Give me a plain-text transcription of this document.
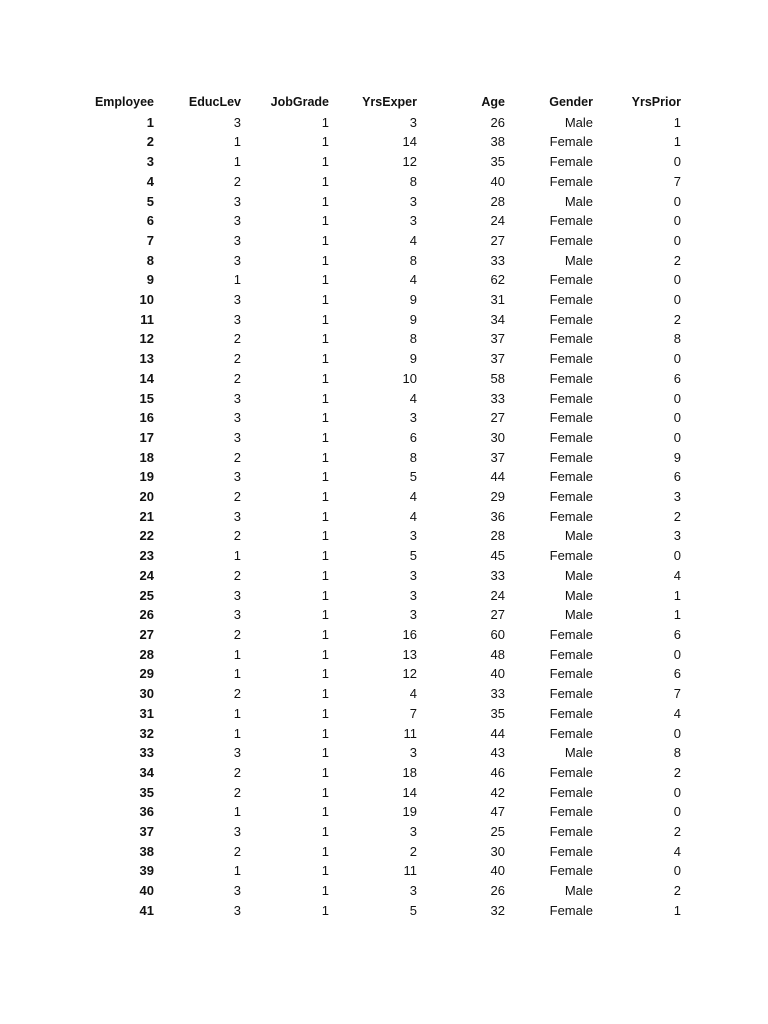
Employee	EducLev	JobGrade	YrsExper	Age	Gender	YrsPrior
1	3	1	3	26	Male	1
2	1	1	14	38	Female	1
3	1	1	12	35	Female	0
4	2	1	8	40	Female	7
5	3	1	3	28	Male	0
6	3	1	3	24	Female	0
7	3	1	4	27	Female	0
8	3	1	8	33	Male	2
9	1	1	4	62	Female	0
10	3	1	9	31	Female	0
11	3	1	9	34	Female	2
12	2	1	8	37	Female	8
13	2	1	9	37	Female	0
14	2	1	10	58	Female	6
15	3	1	4	33	Female	0
16	3	1	3	27	Female	0
17	3	1	6	30	Female	0
18	2	1	8	37	Female	9
19	3	1	5	44	Female	6
20	2	1	4	29	Female	3
21	3	1	4	36	Female	2
22	2	1	3	28	Male	3
23	1	1	5	45	Female	0
24	2	1	3	33	Male	4
25	3	1	3	24	Male	1
26	3	1	3	27	Male	1
27	2	1	16	60	Female	6
28	1	1	13	48	Female	0
29	1	1	12	40	Female	6
30	2	1	4	33	Female	7
31	1	1	7	35	Female	4
32	1	1	11	44	Female	0
33	3	1	3	43	Male	8
34	2	1	18	46	Female	2
35	2	1	14	42	Female	0
36	1	1	19	47	Female	0
37	3	1	3	25	Female	2
38	2	1	2	30	Female	4
39	1	1	11	40	Female	0
40	3	1	3	26	Male	2
41	3	1	5	32	Female	1
